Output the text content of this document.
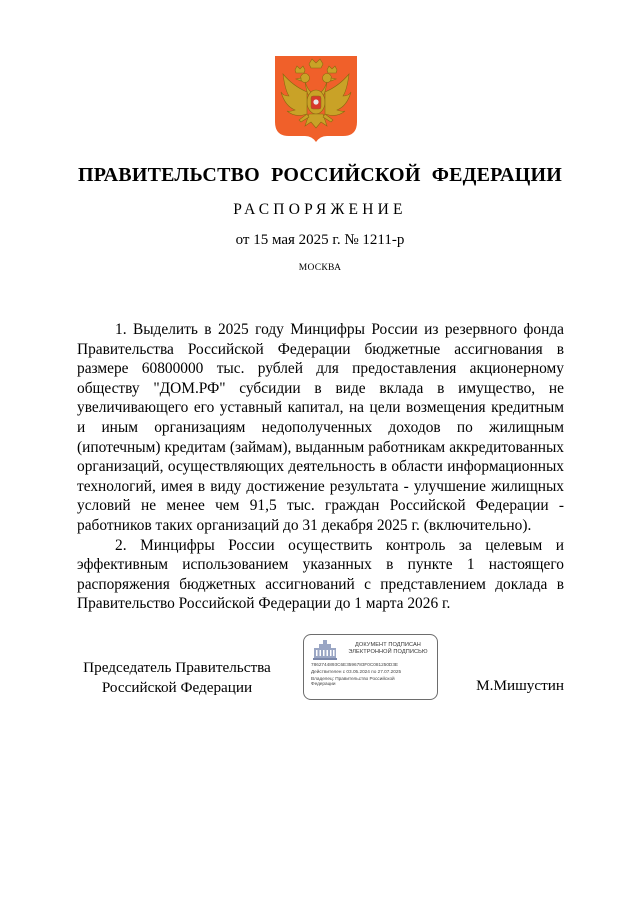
ПРАВИТЕЛЬСТВО РОССИЙСКОЙ ФЕДЕРАЦИИ
РАСПОРЯЖЕНИЕ
от 15 мая 2025 г. № 1211-р
МОСКВА

1. Выделить в 2025 году Минцифры России из резервного фонда Правительства Российской Федерации бюджетные ассигнования в размере 60800000 тыс. рублей для предоставления акционерному обществу "ДОМ.РФ" субсидии в виде вклада в имущество, не увеличивающего его уставный капитал, на цели возмещения кредитным и иным организациям недополученных доходов по жилищным (ипотечным) кредитам (займам), выданным работникам аккредитованных организаций, осуществляющих деятельность в области информационных технологий, имея в виду достижение результата - улучшение жилищных условий не менее чем 91,5 тыс. граждан Российской Федерации - работников таких организаций до 31 декабря 2025 г. (включительно).

2. Минцифры России осуществить контроль за целевым и эффективным использованием указанных в пункте 1 настоящего распоряжения бюджетных ассигнований с представлением доклада в Правительство Российской Федерации до 1 марта 2026 г.

Председатель Правительства
Российской Федерации
ДОКУМЕНТ ПОДПИСАН
ЭЛЕКТРОННОЙ ПОДПИСЬЮ
7862744893C6E3596783F0C081250D3E
Действителен с 03.05.2024 по 27.07.2025
Владелец: Правительство Российской
Федерации	М.Мишустин
